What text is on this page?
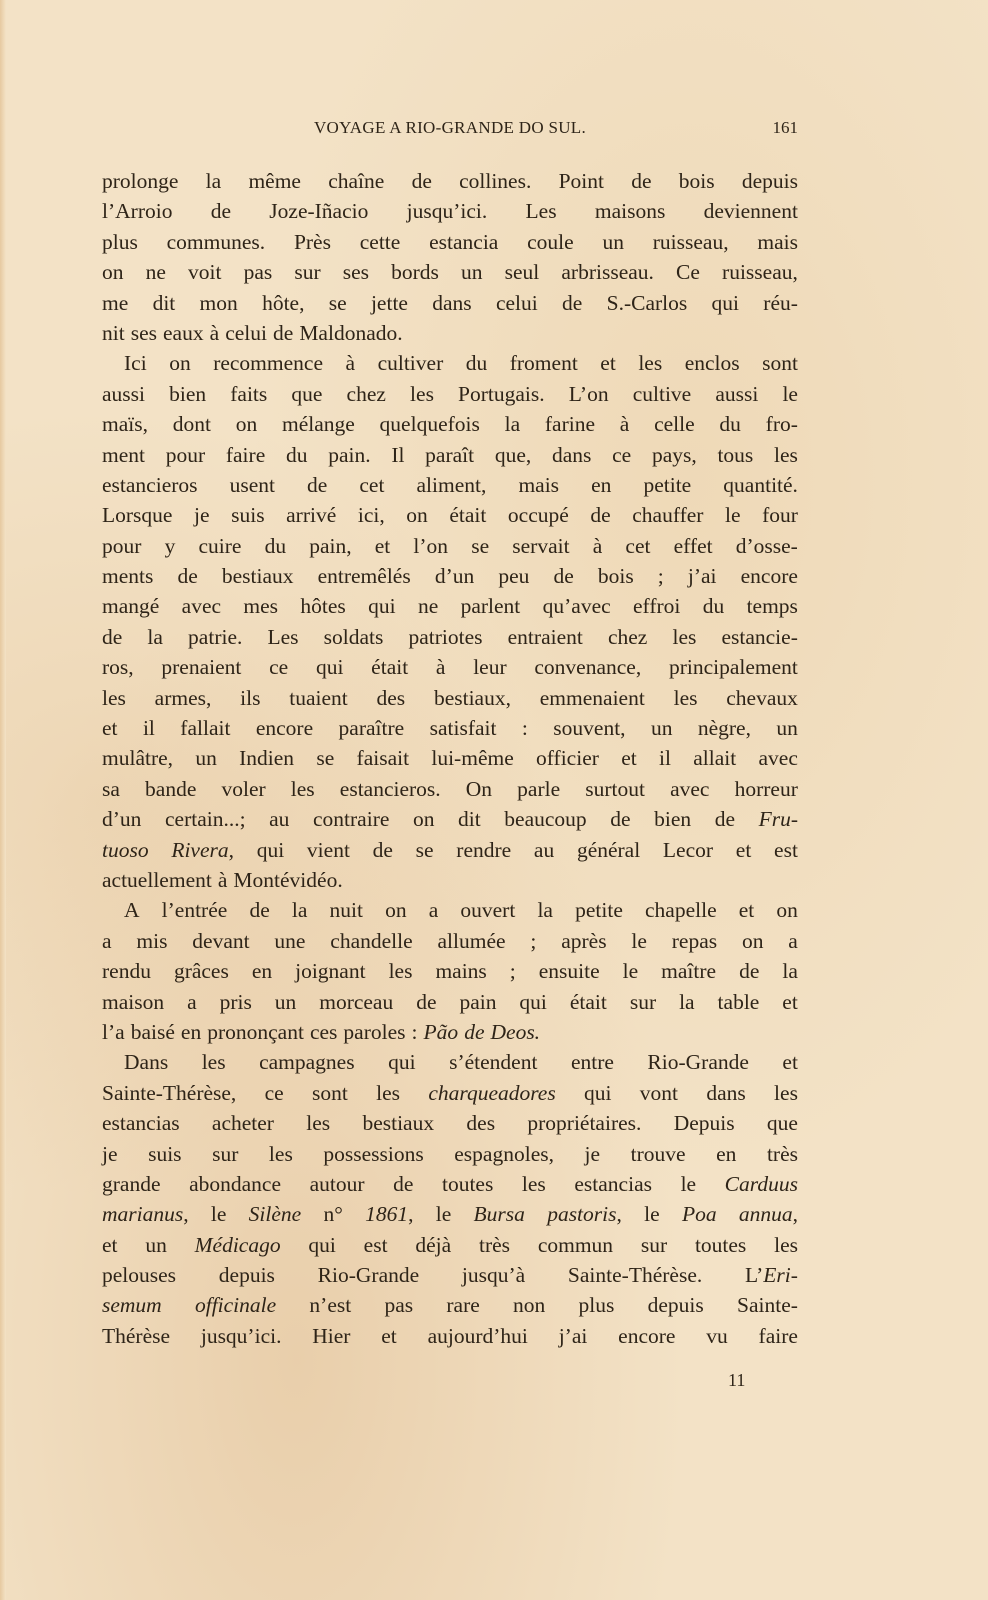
VOYAGE A RIO-GRANDE DO SUL.	161
prolonge la même chaîne de collines. Point de bois depuis
l’Arroio de Joze-Iñacio jusqu’ici. Les maisons deviennent
plus communes. Près cette estancia coule un ruisseau, mais
on ne voit pas sur ses bords un seul arbrisseau. Ce ruisseau,
me dit mon hôte, se jette dans celui de S.-Carlos qui réu-
nit ses eaux à celui de Maldonado.
Ici on recommence à cultiver du froment et les enclos sont
aussi bien faits que chez les Portugais. L’on cultive aussi le
maïs, dont on mélange quelquefois la farine à celle du fro-
ment pour faire du pain. Il paraît que, dans ce pays, tous les
estancieros usent de cet aliment, mais en petite quantité.
Lorsque je suis arrivé ici, on était occupé de chauffer le four
pour y cuire du pain, et l’on se servait à cet effet d’osse-
ments de bestiaux entremêlés d’un peu de bois ; j’ai encore
mangé avec mes hôtes qui ne parlent qu’avec effroi du temps
de la patrie. Les soldats patriotes entraient chez les estancie-
ros, prenaient ce qui était à leur convenance, principalement
les armes, ils tuaient des bestiaux, emmenaient les chevaux
et il fallait encore paraître satisfait : souvent, un nègre, un
mulâtre, un Indien se faisait lui-même officier et il allait avec
sa bande voler les estancieros. On parle surtout avec horreur
d’un certain...; au contraire on dit beaucoup de bien de Fru-
tuoso Rivera, qui vient de se rendre au général Lecor et est
actuellement à Montévidéo.
A l’entrée de la nuit on a ouvert la petite chapelle et on
a mis devant une chandelle allumée ; après le repas on a
rendu grâces en joignant les mains ; ensuite le maître de la
maison a pris un morceau de pain qui était sur la table et
l’a baisé en prononçant ces paroles : Pão de Deos.
Dans les campagnes qui s’étendent entre Rio-Grande et
Sainte-Thérèse, ce sont les charqueadores qui vont dans les
estancias acheter les bestiaux des propriétaires. Depuis que
je suis sur les possessions espagnoles, je trouve en très
grande abondance autour de toutes les estancias le Carduus
marianus, le Silène n° 1861, le Bursa pastoris, le Poa annua,
et un Médicago qui est déjà très commun sur toutes les
pelouses depuis Rio-Grande jusqu’à Sainte-Thérèse. L’Eri-
semum officinale n’est pas rare non plus depuis Sainte-
Thérèse jusqu’ici. Hier et aujourd’hui j’ai encore vu faire
11
